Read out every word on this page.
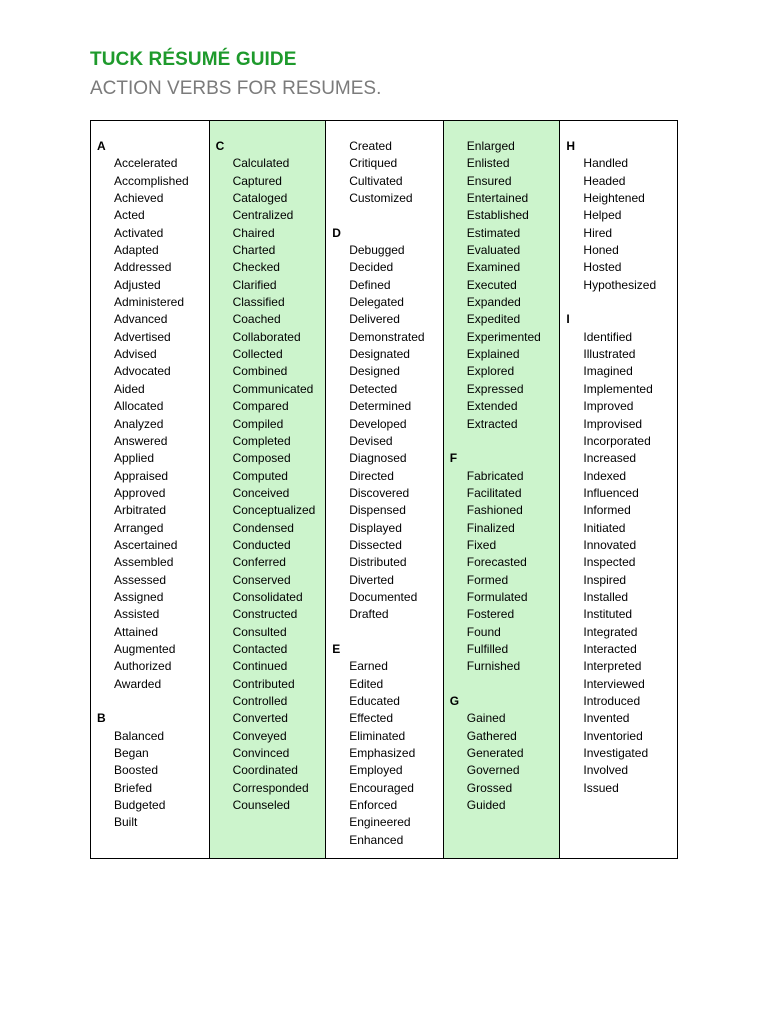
TUCK RÉSUMÉ GUIDE
ACTION VERBS FOR RESUMES.
A
Accelerated
Accomplished
Achieved
Acted
Activated
Adapted
Addressed
Adjusted
Administered
Advanced
Advertised
Advised
Advocated
Aided
Allocated
Analyzed
Answered
Applied
Appraised
Approved
Arbitrated
Arranged
Ascertained
Assembled
Assessed
Assigned
Assisted
Attained
Augmented
Authorized
Awarded
B
Balanced
Began
Boosted
Briefed
Budgeted
Built
C
Calculated
Captured
Cataloged
Centralized
Chaired
Charted
Checked
Clarified
Classified
Coached
Collaborated
Collected
Combined
Communicated
Compared
Compiled
Completed
Composed
Computed
Conceived
Conceptualized
Condensed
Conducted
Conferred
Conserved
Consolidated
Constructed
Consulted
Contacted
Continued
Contributed
Controlled
Converted
Conveyed
Convinced
Coordinated
Corresponded
Counseled
Created
Critiqued
Cultivated
Customized
D
Debugged
Decided
Defined
Delegated
Delivered
Demonstrated
Designated
Designed
Detected
Determined
Developed
Devised
Diagnosed
Directed
Discovered
Dispensed
Displayed
Dissected
Distributed
Diverted
Documented
Drafted
E
Earned
Edited
Educated
Effected
Eliminated
Emphasized
Employed
Encouraged
Enforced
Engineered
Enhanced
Enlarged
Enlisted
Ensured
Entertained
Established
Estimated
Evaluated
Examined
Executed
Expanded
Expedited
Experimented
Explained
Explored
Expressed
Extended
Extracted
F
Fabricated
Facilitated
Fashioned
Finalized
Fixed
Forecasted
Formed
Formulated
Fostered
Found
Fulfilled
Furnished
G
Gained
Gathered
Generated
Governed
Grossed
Guided
H
Handled
Headed
Heightened
Helped
Hired
Honed
Hosted
Hypothesized
I
Identified
Illustrated
Imagined
Implemented
Improved
Improvised
Incorporated
Increased
Indexed
Influenced
Informed
Initiated
Innovated
Inspected
Inspired
Installed
Instituted
Integrated
Interacted
Interpreted
Interviewed
Introduced
Invented
Inventoried
Investigated
Involved
Issued
